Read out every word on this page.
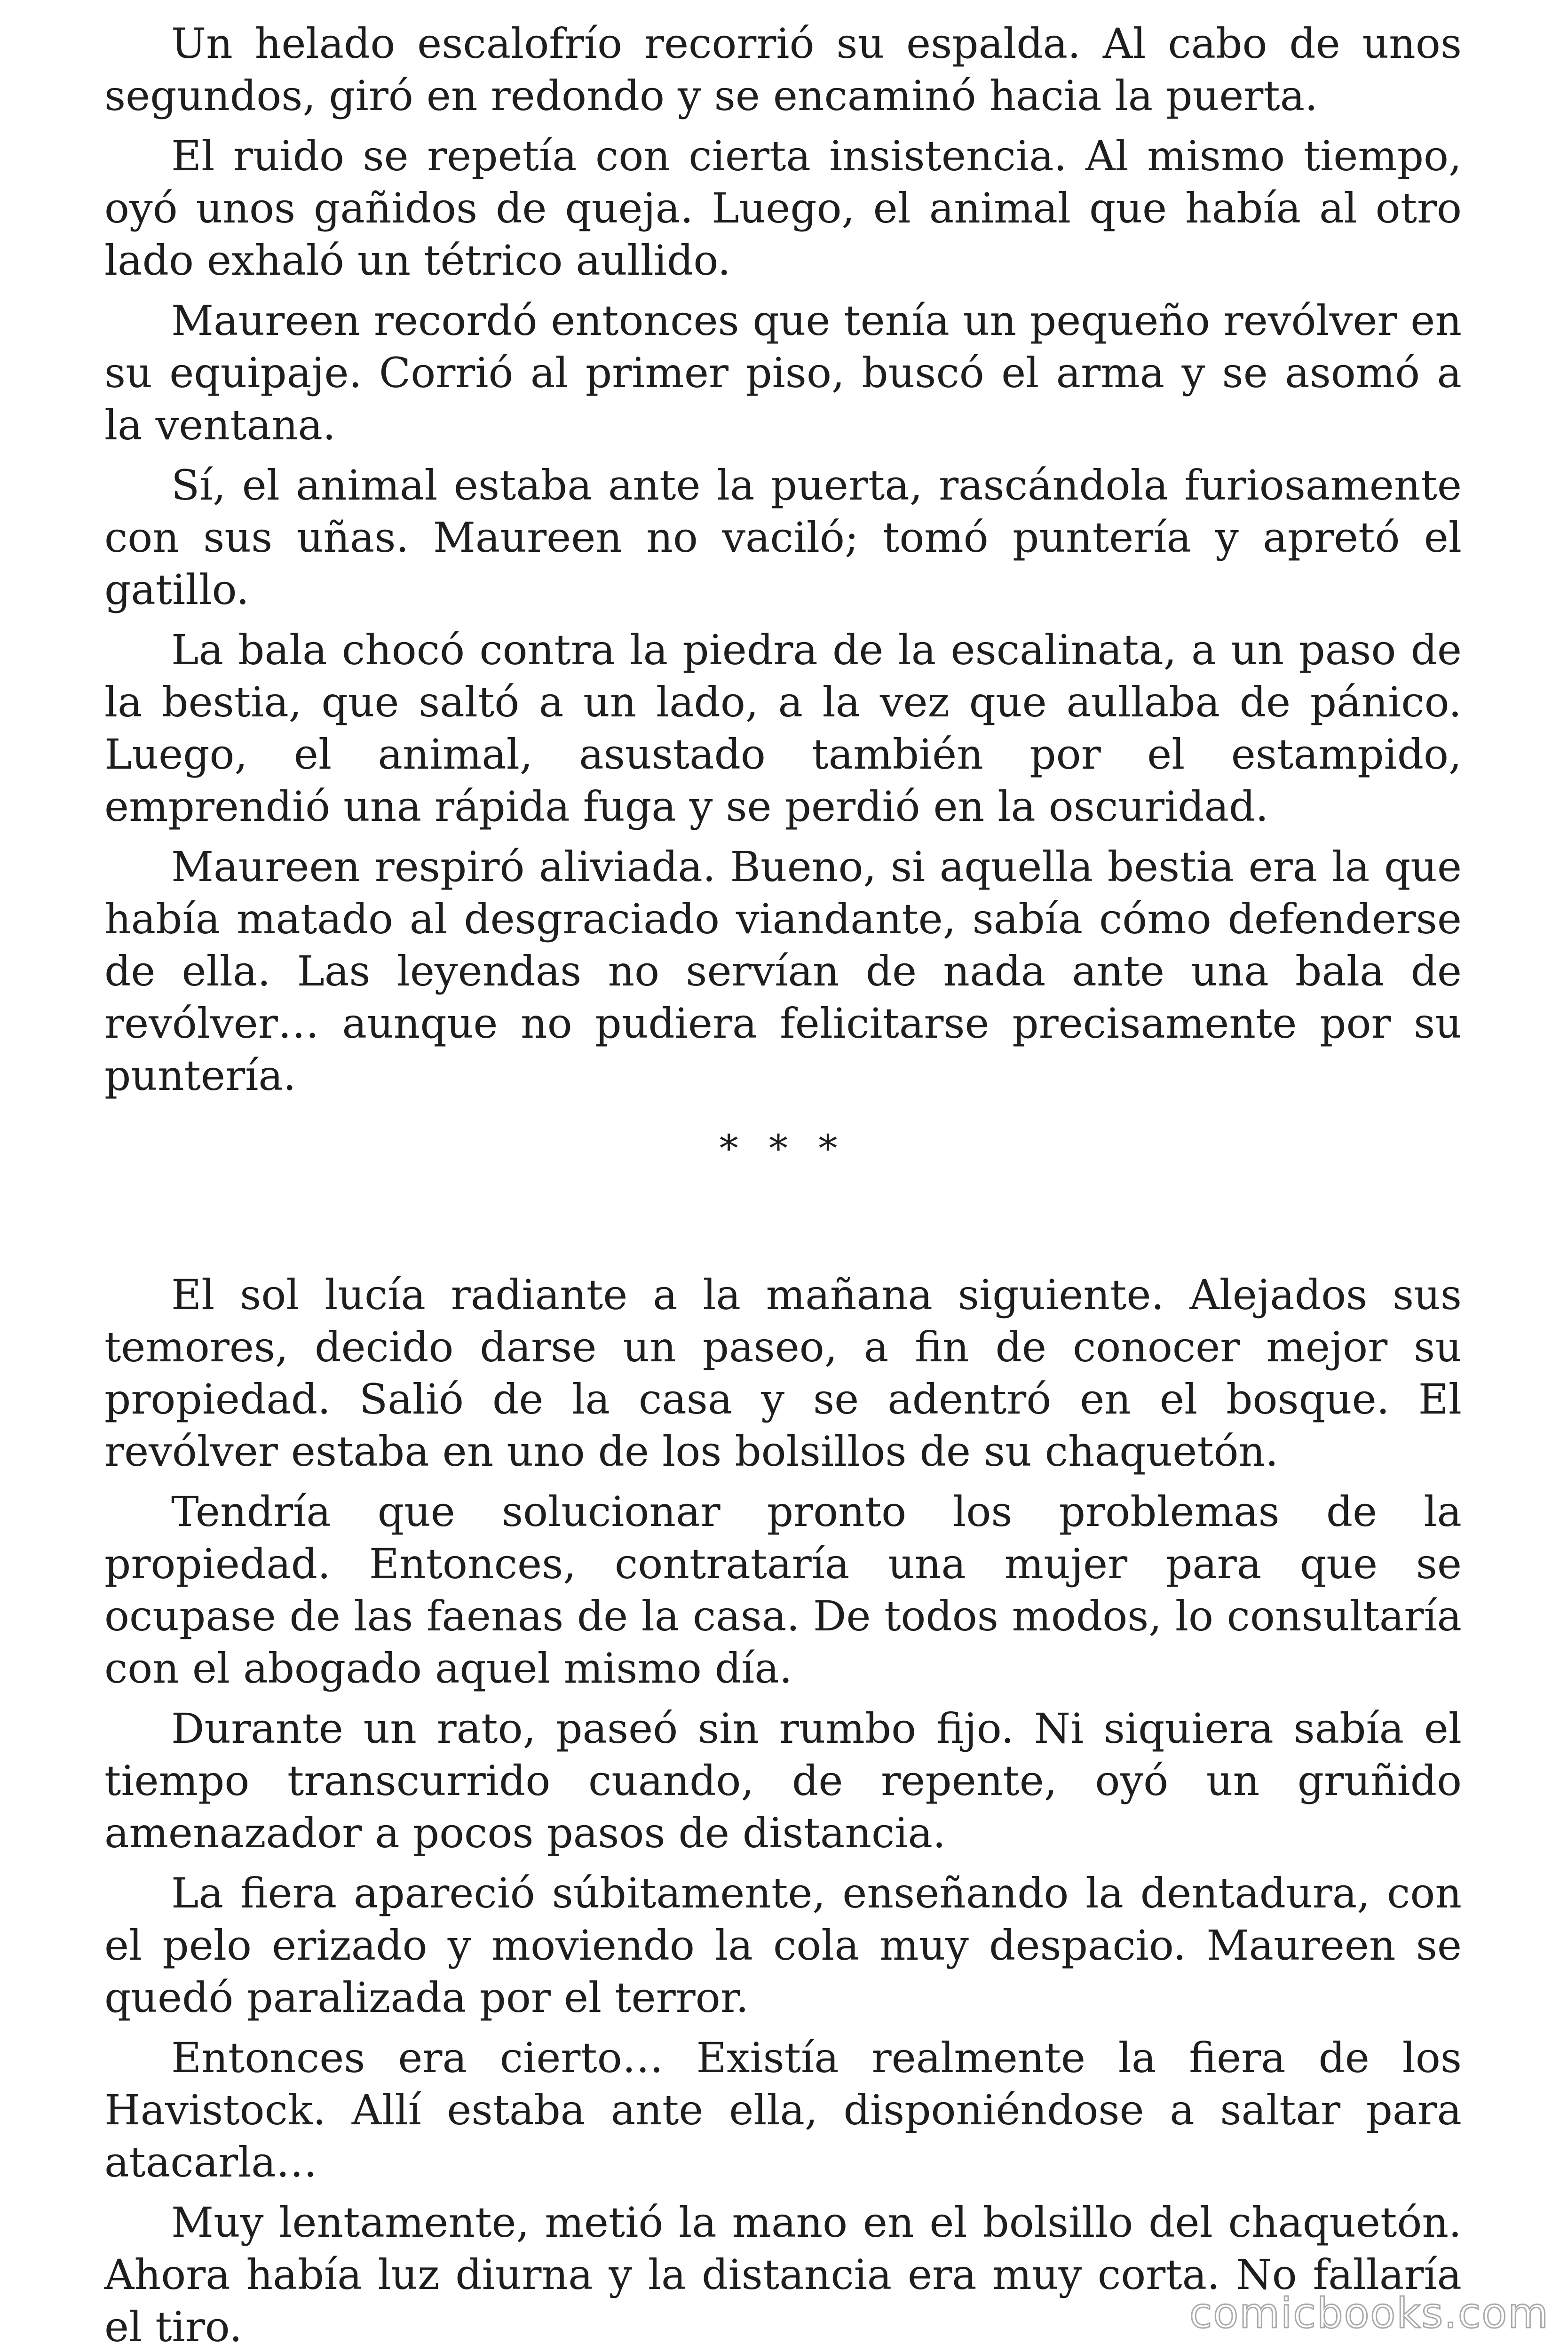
Un helado escalofrío recorrió su espalda. Al cabo de unos segundos, giró en redondo y se encaminó hacia la puerta.

El ruido se repetía con cierta insistencia. Al mismo tiempo, oyó unos gañidos de queja. Luego, el animal que había al otro lado exhaló un tétrico aullido.

Maureen recordó entonces que tenía un pequeño revólver en su equipaje. Corrió al primer piso, buscó el arma y se asomó a la ventana.

Sí, el animal estaba ante la puerta, rascándola furiosamente con sus uñas. Maureen no vaciló; tomó puntería y apretó el gatillo.

La bala chocó contra la piedra de la escalinata, a un paso de la bestia, que saltó a un lado, a la vez que aullaba de pánico. Luego, el animal, asustado también por el estampido, emprendió una rápida fuga y se perdió en la oscuridad.

Maureen respiró aliviada. Bueno, si aquella bestia era la que había matado al desgraciado viandante, sabía cómo defenderse de ella. Las leyendas no servían de nada ante una bala de revólver… aunque no pudiera felicitarse precisamente por su puntería.

* * *

El sol lucía radiante a la mañana siguiente. Alejados sus temores, decido darse un paseo, a fin de conocer mejor su propiedad. Salió de la casa y se adentró en el bosque. El revólver estaba en uno de los bolsillos de su chaquetón.

Tendría que solucionar pronto los problemas de la propiedad. Entonces, contrataría una mujer para que se ocupase de las faenas de la casa. De todos modos, lo consultaría con el abogado aquel mismo día.

Durante un rato, paseó sin rumbo fijo. Ni siquiera sabía el tiempo transcurrido cuando, de repente, oyó un gruñido amenazador a pocos pasos de distancia.

La fiera apareció súbitamente, enseñando la dentadura, con el pelo erizado y moviendo la cola muy despacio. Maureen se quedó paralizada por el terror.

Entonces era cierto… Existía realmente la fiera de los Havistock. Allí estaba ante ella, disponiéndose a saltar para atacarla…

Muy lentamente, metió la mano en el bolsillo del chaquetón. Ahora había luz diurna y la distancia era muy corta. No fallaría el tiro.	comicbooks.com
